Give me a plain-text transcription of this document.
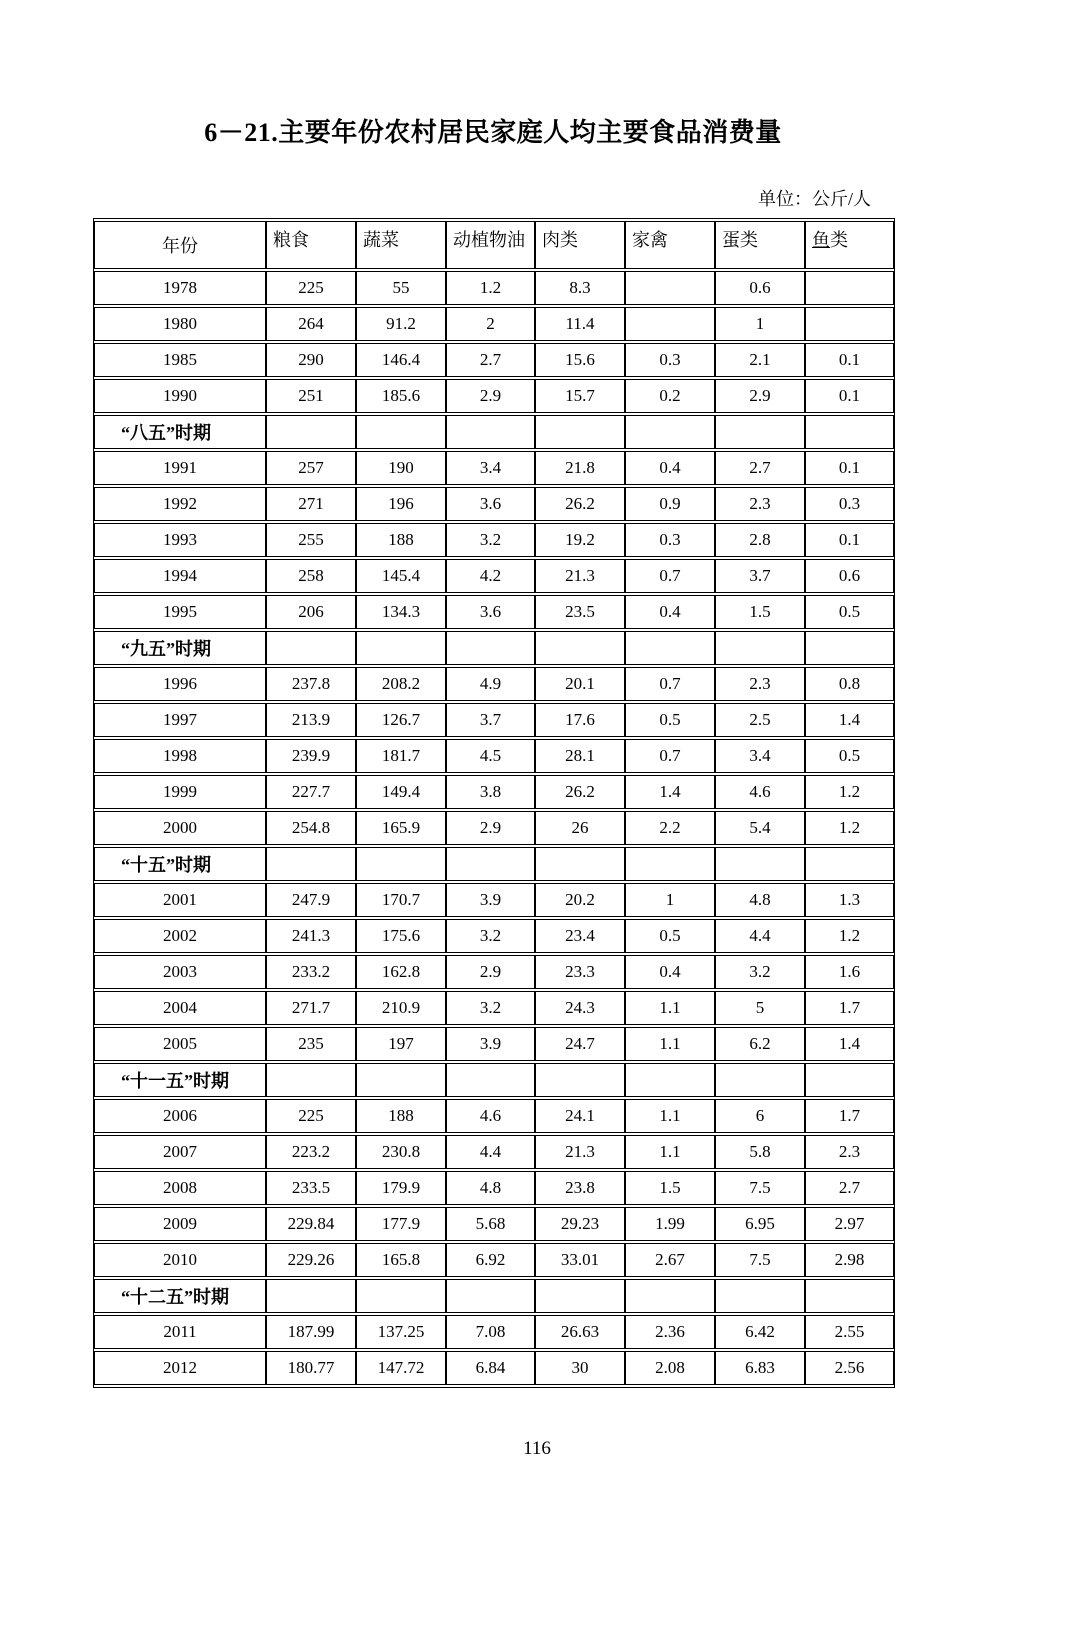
6－21.主要年份农村居民家庭人均主要食品消费量
单位：公斤/人
年份	粮食	蔬菜	动植物油	肉类	家禽	蛋类	鱼类
1978	225	55	1.2	8.3		0.6	
1980	264	91.2	2	11.4		1	
1985	290	146.4	2.7	15.6	0.3	2.1	0.1
1990	251	185.6	2.9	15.7	0.2	2.9	0.1
“八五”时期							
1991	257	190	3.4	21.8	0.4	2.7	0.1
1992	271	196	3.6	26.2	0.9	2.3	0.3
1993	255	188	3.2	19.2	0.3	2.8	0.1
1994	258	145.4	4.2	21.3	0.7	3.7	0.6
1995	206	134.3	3.6	23.5	0.4	1.5	0.5
“九五”时期							
1996	237.8	208.2	4.9	20.1	0.7	2.3	0.8
1997	213.9	126.7	3.7	17.6	0.5	2.5	1.4
1998	239.9	181.7	4.5	28.1	0.7	3.4	0.5
1999	227.7	149.4	3.8	26.2	1.4	4.6	1.2
2000	254.8	165.9	2.9	26	2.2	5.4	1.2
“十五”时期							
2001	247.9	170.7	3.9	20.2	1	4.8	1.3
2002	241.3	175.6	3.2	23.4	0.5	4.4	1.2
2003	233.2	162.8	2.9	23.3	0.4	3.2	1.6
2004	271.7	210.9	3.2	24.3	1.1	5	1.7
2005	235	197	3.9	24.7	1.1	6.2	1.4
“十一五”时期							
2006	225	188	4.6	24.1	1.1	6	1.7
2007	223.2	230.8	4.4	21.3	1.1	5.8	2.3
2008	233.5	179.9	4.8	23.8	1.5	7.5	2.7
2009	229.84	177.9	5.68	29.23	1.99	6.95	2.97
2010	229.26	165.8	6.92	33.01	2.67	7.5	2.98
“十二五”时期							
2011	187.99	137.25	7.08	26.63	2.36	6.42	2.55
2012	180.77	147.72	6.84	30	2.08	6.83	2.56
116
